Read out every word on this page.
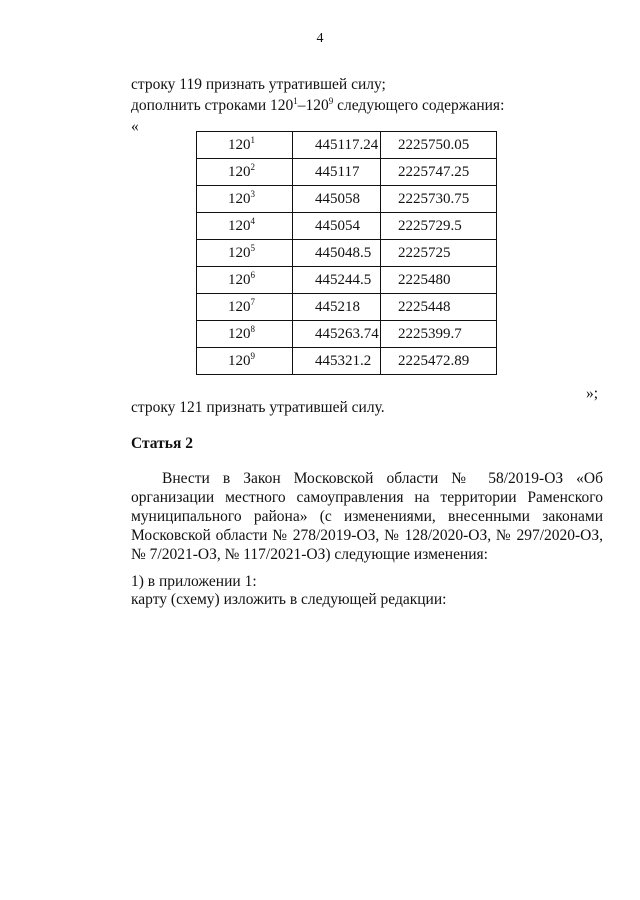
4
строку 119 признать утратившей силу;
дополнить строками $120^1-120^9$ следующего содержания:
«
$120^1$	445117.24	2225750.05
$120^2$	445117	2225747.25
$120^3$	445058	2225730.75
$120^4$	445054	2225729.5
$120^5$	445048.5	2225725
$120^6$	445244.5	2225480
$120^7$	445218	2225448
$120^8$	445263.74	2225399.7
$120^9$	445321.2	2225472.89
»;
строку 121 признать утратившей силу.
Статья 2

Внести в Закон Московской области № 58/2019-ОЗ «Об организации местного самоуправления на территории Раменского муниципального района» (с изменениями, внесенными законами Московской области № 278/2019-ОЗ, № 128/2020-ОЗ, № 297/2020-ОЗ, № 7/2021-ОЗ, № 117/2021-ОЗ) следующие изменения:

1) в приложении 1:
карту (схему) изложить в следующей редакции:
